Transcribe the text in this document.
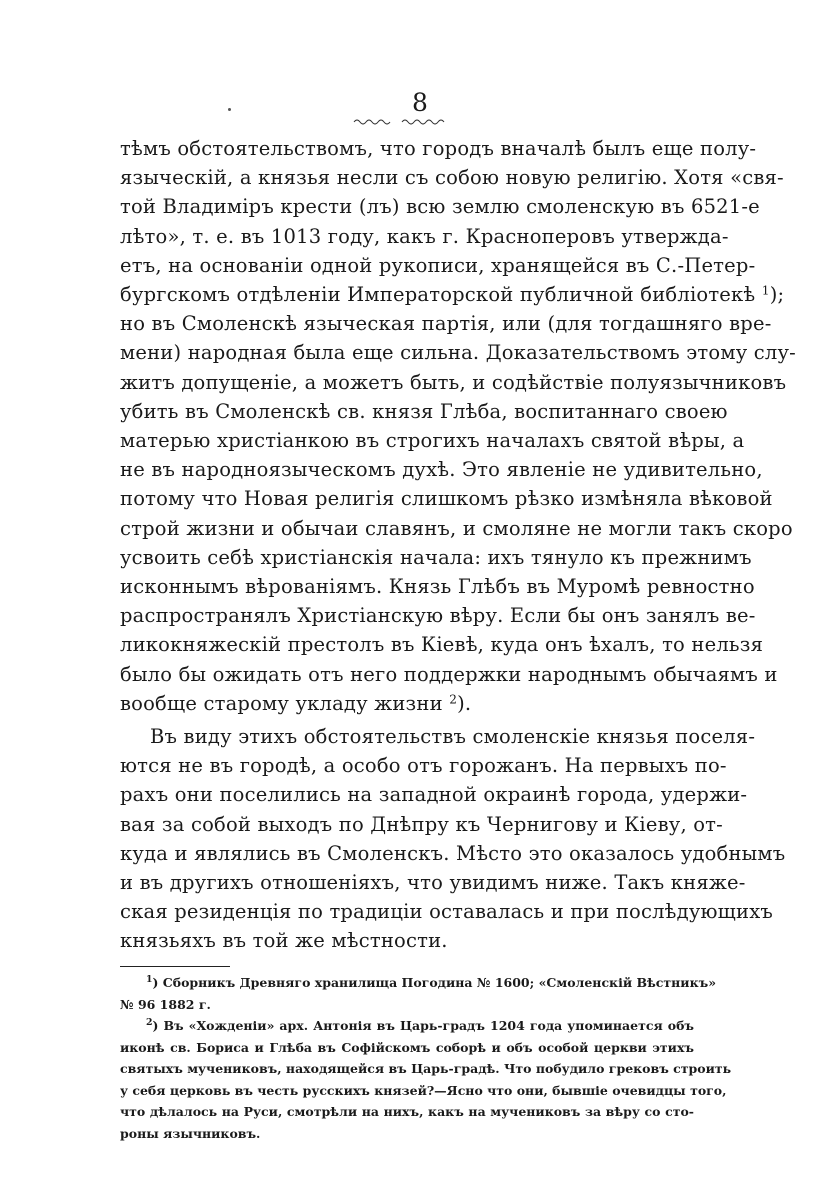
8
тѣмъ обстоятельствомъ, что городъ вначалѣ былъ еще полу-
языческій, а князья несли съ собою новую религію. Хотя «свя-
той Владиміръ крести (лъ) всю землю смоленскую въ 6521-е
лѣто», т. е. въ 1013 году, какъ г. Краснoперовъ утвержда-
етъ, на основаніи одной рукописи, хранящейся въ С.-Петер-
бургскомъ отдѣленіи Императорской публичной библіотекѣ $^1$);
но въ Смоленскѣ языческая партія, или (для тогдашняго вре-
мени) народная была еще сильна. Доказательствомъ этому слу-
житъ допущеніе, а можетъ быть, и содѣйствіе полуязычниковъ
убить въ Смоленскѣ св. князя Глѣба, воспитаннаго своею
матерью христіанкою въ строгихъ началахъ святой вѣры, а
не въ народноязыческомъ духѣ. Это явленіе не удивительно,
потому что Новая религія слишкомъ рѣзко измѣняла вѣковой
строй жизни и обычаи славянъ, и смоляне не могли такъ скоро
усвоить себѣ христіанскія начала: ихъ тянуло къ прежнимъ
исконнымъ вѣрованіямъ. Князь Глѣбъ въ Муромѣ ревностно
распространялъ Христіанскую вѣру. Если бы онъ занялъ ве-
ликокняжескій престолъ въ Кіевѣ, куда онъ ѣхалъ, то нельзя
было бы ожидать отъ него поддержки народнымъ обычаямъ и
вообще старому укладу жизни $^2$).
Въ виду этихъ обстоятельствъ смоленскіе князья поселя-
ются не въ городѣ, а особо отъ горожанъ. На первыхъ по-
рахъ они поселились на западной окраинѣ города, удержи-
вая за собой выходъ по Днѣпру къ Чернигову и Кіеву, от-
куда и являлись въ Смоленскъ. Мѣсто это оказалось удобнымъ
и въ другихъ отношеніяхъ, что увидимъ ниже. Такъ княже-
ская резиденція по традиціи оставалась и при послѣдующихъ
князьяхъ въ той же мѣстности.
$^1$) Сборникъ Древняго хранилища Погодина № 1600; «Смоленскій Вѣстникъ»
№ 96 1882 г.
$^2$) Въ «Хожденіи» арх. Антонія въ Царь-градъ 1204 года упоминается объ
иконѣ св. Бориса и Глѣба въ Софійскомъ соборѣ и объ особой церкви этихъ
святыхъ мучениковъ, находящейся въ Царь-градѣ. Что побудило грековъ строить
у себя церковь въ честь русскихъ князей?—Ясно что они, бывшіе очевидцы того,
что дѣлалось на Руси, смотрѣли на нихъ, какъ на мучениковъ за вѣру со сто-
роны язычниковъ.
